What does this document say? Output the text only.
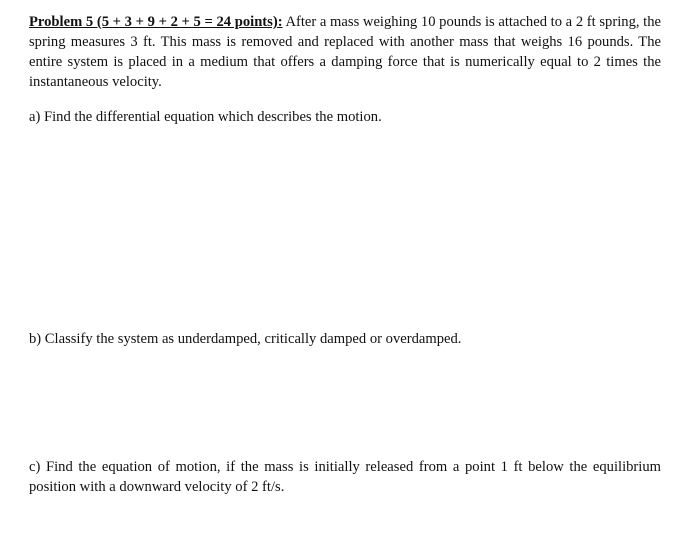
Problem 5 (5 + 3 + 9 + 2 + 5 = 24 points): After a mass weighing 10 pounds is attached to a 2 ft spring, the spring measures 3 ft. This mass is removed and replaced with another mass that weighs 16 pounds. The entire system is placed in a medium that offers a damping force that is numerically equal to 2 times the instantaneous velocity.

a) Find the differential equation which describes the motion.

b) Classify the system as underdamped, critically damped or overdamped.

c) Find the equation of motion, if the mass is initially released from a point 1 ft below the equilibrium position with a downward velocity of 2 ft/s.
